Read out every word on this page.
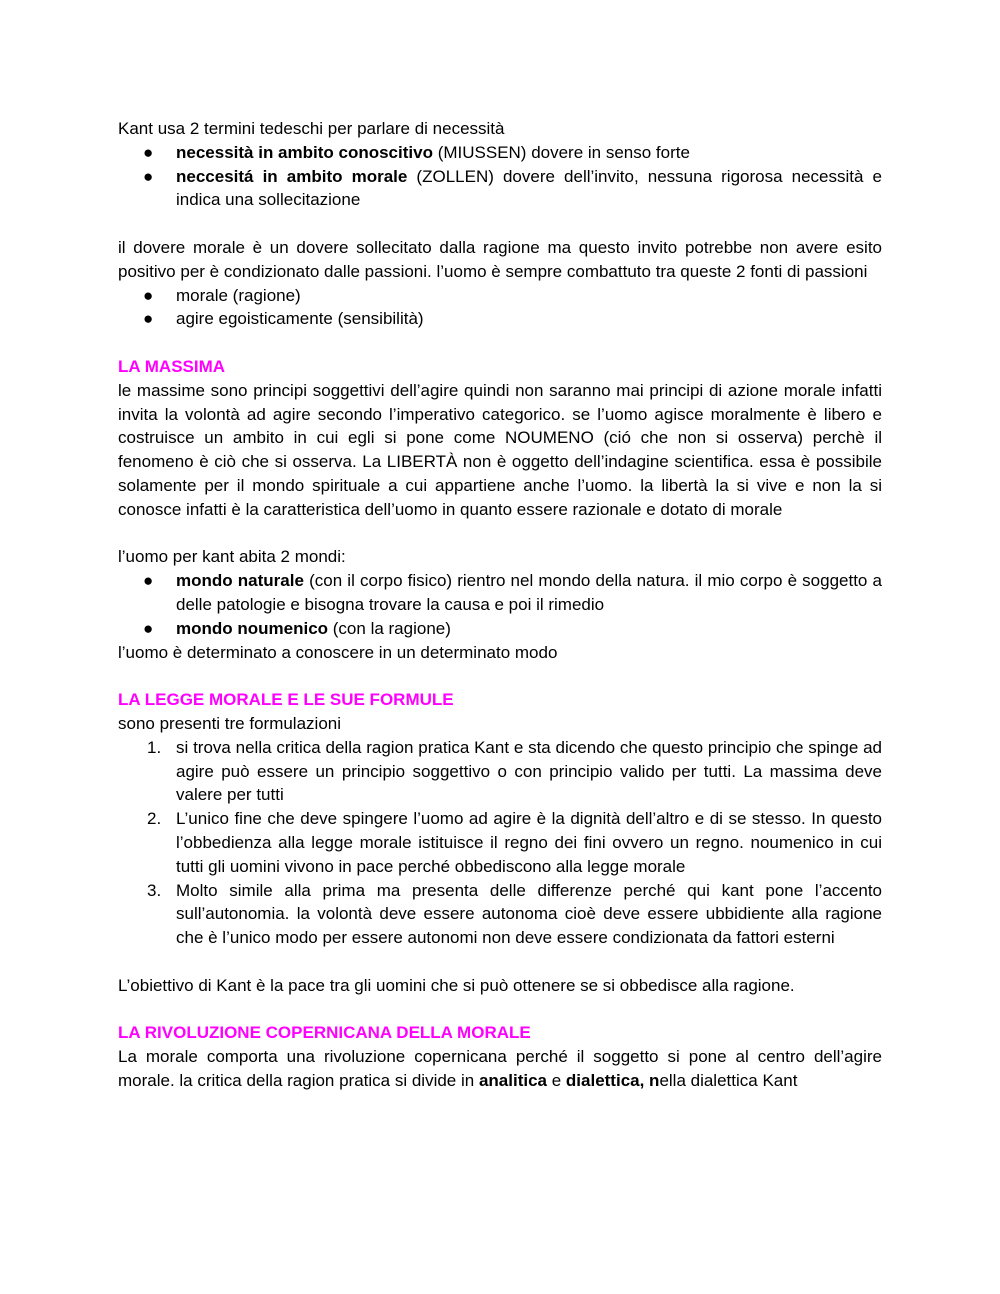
Kant usa 2 termini tedeschi per parlare di necessità

● necessità in ambito conoscitivo (MIUSSEN) dovere in senso forte
● neccesitá in ambito morale (ZOLLEN) dovere dell’invito, nessuna rigorosa necessità e indica una sollecitazione

il dovere morale è un dovere sollecitato dalla ragione ma questo invito potrebbe non avere esito positivo per è condizionato dalle passioni. l’uomo è sempre combattuto tra queste 2 fonti di passioni

● morale (ragione)
● agire egoisticamente (sensibilità)

LA MASSIMA

le massime sono principi soggettivi dell’agire quindi non saranno mai principi di azione morale infatti invita la volontà ad agire secondo l’imperativo categorico. se l’uomo agisce moralmente è libero e costruisce un ambito in cui egli si pone come NOUMENO (ció che non si osserva) perchè il fenomeno è ciò che si osserva. La LIBERTÀ non è oggetto dell’indagine scientifica. essa è possibile solamente per il mondo spirituale a cui appartiene anche l’uomo. la libertà la si vive e non la si conosce infatti è la caratteristica dell’uomo in quanto essere razionale e dotato di morale

l’uomo per kant abita 2 mondi:

● mondo naturale (con il corpo fisico) rientro nel mondo della natura. il mio corpo è soggetto a delle patologie e bisogna trovare la causa e poi il rimedio
● mondo noumenico (con la ragione)

l’uomo è determinato a conoscere in un determinato modo

LA LEGGE MORALE E LE SUE FORMULE

sono presenti tre formulazioni

1. si trova nella critica della ragion pratica Kant e sta dicendo che questo principio che spinge ad agire può essere un principio soggettivo o con principio valido per tutti. La massima deve valere per tutti
2. L’unico fine che deve spingere l’uomo ad agire è la dignità dell’altro e di se stesso. In questo l’obbedienza alla legge morale istituisce il regno dei fini ovvero un regno. noumenico in cui tutti gli uomini vivono in pace perché obbediscono alla legge morale
3. Molto simile alla prima ma presenta delle differenze perché qui kant pone l’accento sull’autonomia. la volontà deve essere autonoma cioè deve essere ubbidiente alla ragione che è l’unico modo per essere autonomi non deve essere condizionata da fattori esterni

L’obiettivo di Kant è la pace tra gli uomini che si può ottenere se si obbedisce alla ragione.

LA RIVOLUZIONE COPERNICANA DELLA MORALE

La morale comporta una rivoluzione copernicana perché il soggetto si pone al centro dell’agire morale. la critica della ragion pratica si divide in analitica e dialettica, nella dialettica Kant
